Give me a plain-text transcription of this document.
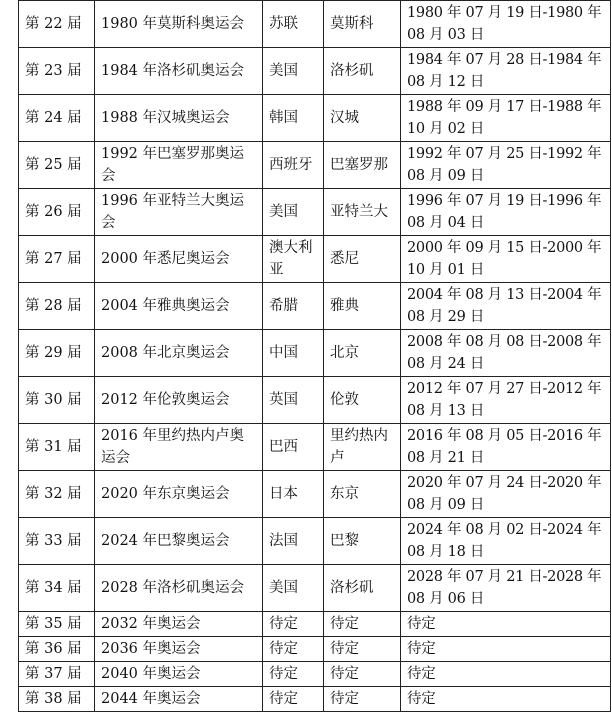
第 22 届	1980 年莫斯科奥运会	苏联	莫斯科	1980 年 07 月 19 日-1980 年 08 月 03 日
第 23 届	1984 年洛杉矶奥运会	美国	洛杉矶	1984 年 07 月 28 日-1984 年 08 月 12 日
第 24 届	1988 年汉城奥运会	韩国	汉城	1988 年 09 月 17 日-1988 年 10 月 02 日
第 25 届	1992 年巴塞罗那奥运会	西班牙	巴塞罗那	1992 年 07 月 25 日-1992 年 08 月 09 日
第 26 届	1996 年亚特兰大奥运会	美国	亚特兰大	1996 年 07 月 19 日-1996 年 08 月 04 日
第 27 届	2000 年悉尼奥运会	澳大利亚	悉尼	2000 年 09 月 15 日-2000 年 10 月 01 日
第 28 届	2004 年雅典奥运会	希腊	雅典	2004 年 08 月 13 日-2004 年 08 月 29 日
第 29 届	2008 年北京奥运会	中国	北京	2008 年 08 月 08 日-2008 年 08 月 24 日
第 30 届	2012 年伦敦奥运会	英国	伦敦	2012 年 07 月 27 日-2012 年 08 月 13 日
第 31 届	2016 年里约热内卢奥运会	巴西	里约热内卢	2016 年 08 月 05 日-2016 年 08 月 21 日
第 32 届	2020 年东京奥运会	日本	东京	2020 年 07 月 24 日-2020 年 08 月 09 日
第 33 届	2024 年巴黎奥运会	法国	巴黎	2024 年 08 月 02 日-2024 年 08 月 18 日
第 34 届	2028 年洛杉矶奥运会	美国	洛杉矶	2028 年 07 月 21 日-2028 年 08 月 06 日
第 35 届	2032 年奥运会	待定	待定	待定
第 36 届	2036 年奥运会	待定	待定	待定
第 37 届	2040 年奥运会	待定	待定	待定
第 38 届	2044 年奥运会	待定	待定	待定
